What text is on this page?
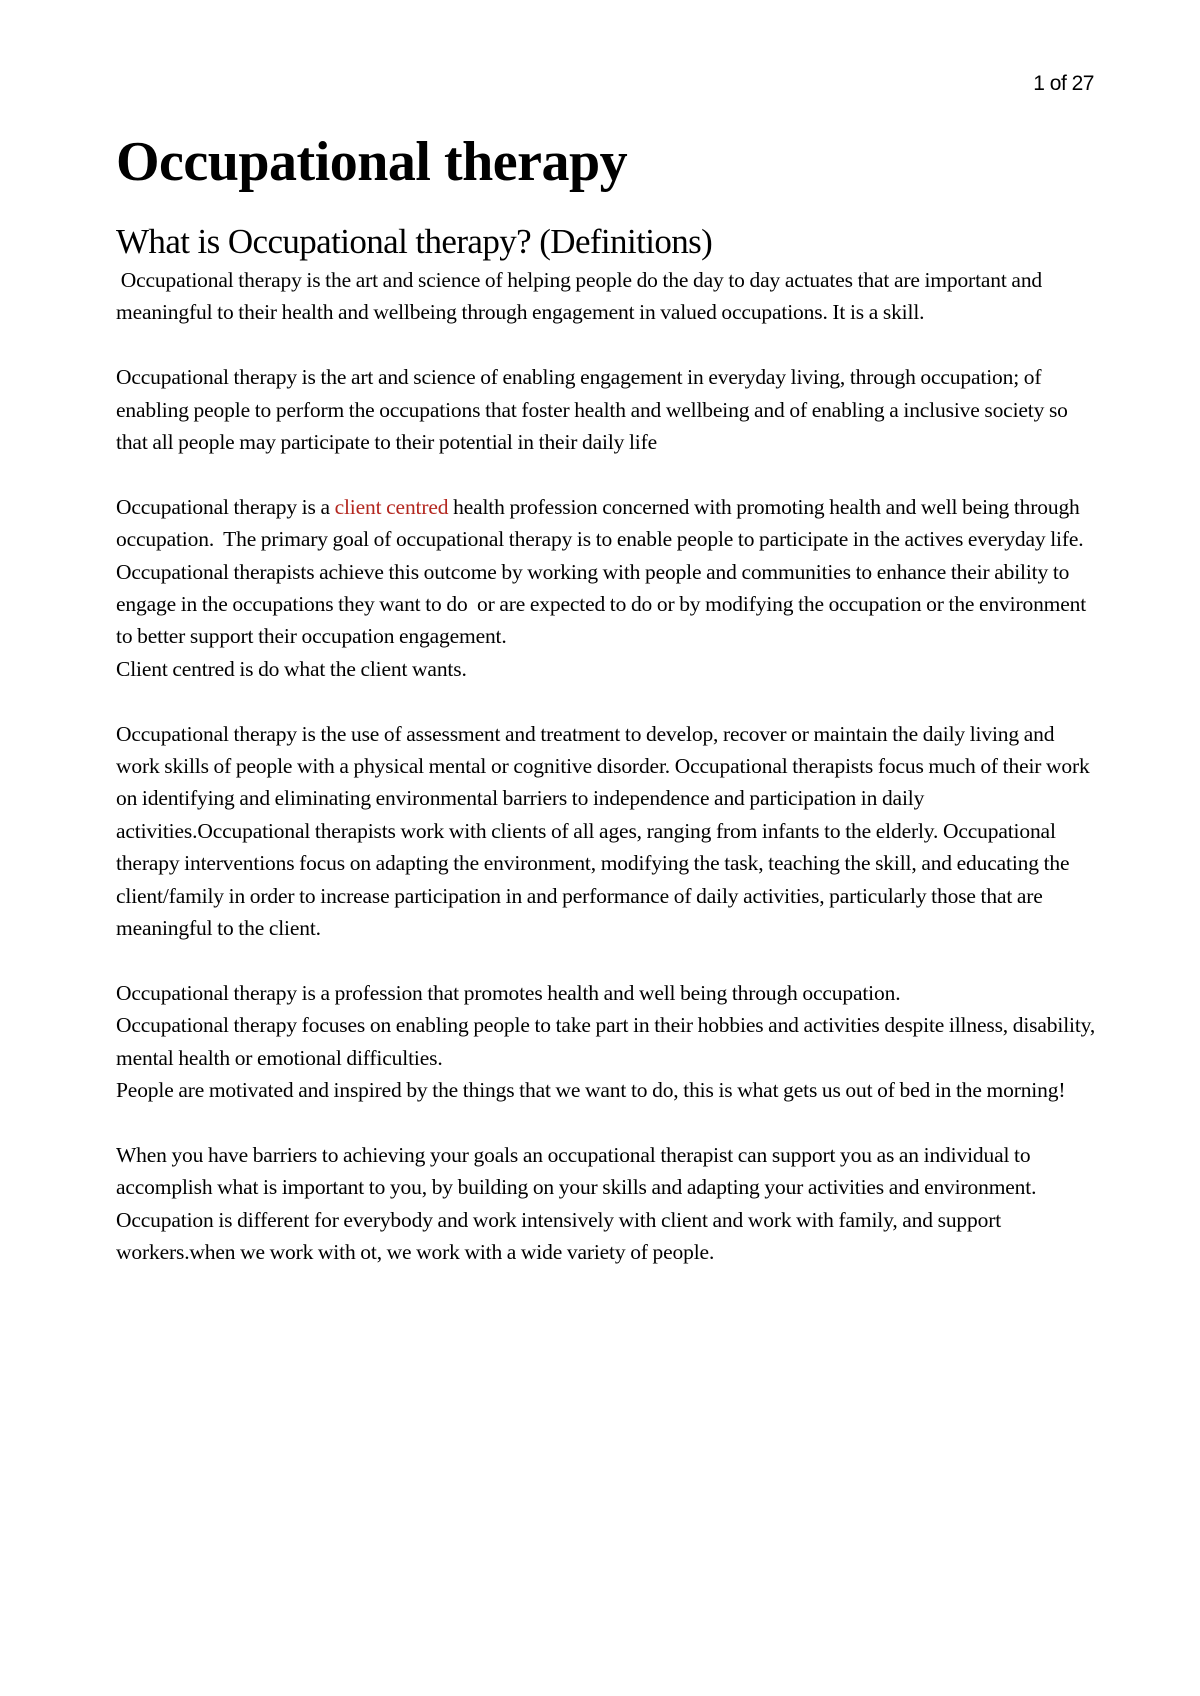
1 of 27
Occupational therapy
What is Occupational therapy? (Definitions)

Occupational therapy is the art and science of helping people do the day to day actuates that are important and meaningful to their health and wellbeing through engagement in valued occupations. It is a skill.

Occupational therapy is the art and science of enabling engagement in everyday living, through occupation; of enabling people to perform the occupations that foster health and wellbeing and of enabling a inclusive society so that all people may participate to their potential in their daily life

Occupational therapy is a client centred health profession concerned with promoting health and well being through occupation.  The primary goal of occupational therapy is to enable people to participate in the actives everyday life. Occupational therapists achieve this outcome by working with people and communities to enhance their ability to engage in the occupations they want to do  or are expected to do or by modifying the occupation or the environment to better support their occupation engagement.

Client centred is do what the client wants.

Occupational therapy is the use of assessment and treatment to develop, recover or maintain the daily living and work skills of people with a physical mental or cognitive disorder. Occupational therapists focus much of their work on identifying and eliminating environmental barriers to independence and participation in daily activities.Occupational therapists work with clients of all ages, ranging from infants to the elderly. Occupational therapy interventions focus on adapting the environment, modifying the task, teaching the skill, and educating the client/family in order to increase participation in and performance of daily activities, particularly those that are meaningful to the client.

Occupational therapy is a profession that promotes health and well being through occupation.

Occupational therapy focuses on enabling people to take part in their hobbies and activities despite illness, disability, mental health or emotional difficulties.

People are motivated and inspired by the things that we want to do, this is what gets us out of bed in the morning!

When you have barriers to achieving your goals an occupational therapist can support you as an individual to accomplish what is important to you, by building on your skills and adapting your activities and environment.

Occupation is different for everybody and work intensively with client and work with family, and support workers.when we work with ot, we work with a wide variety of people.
